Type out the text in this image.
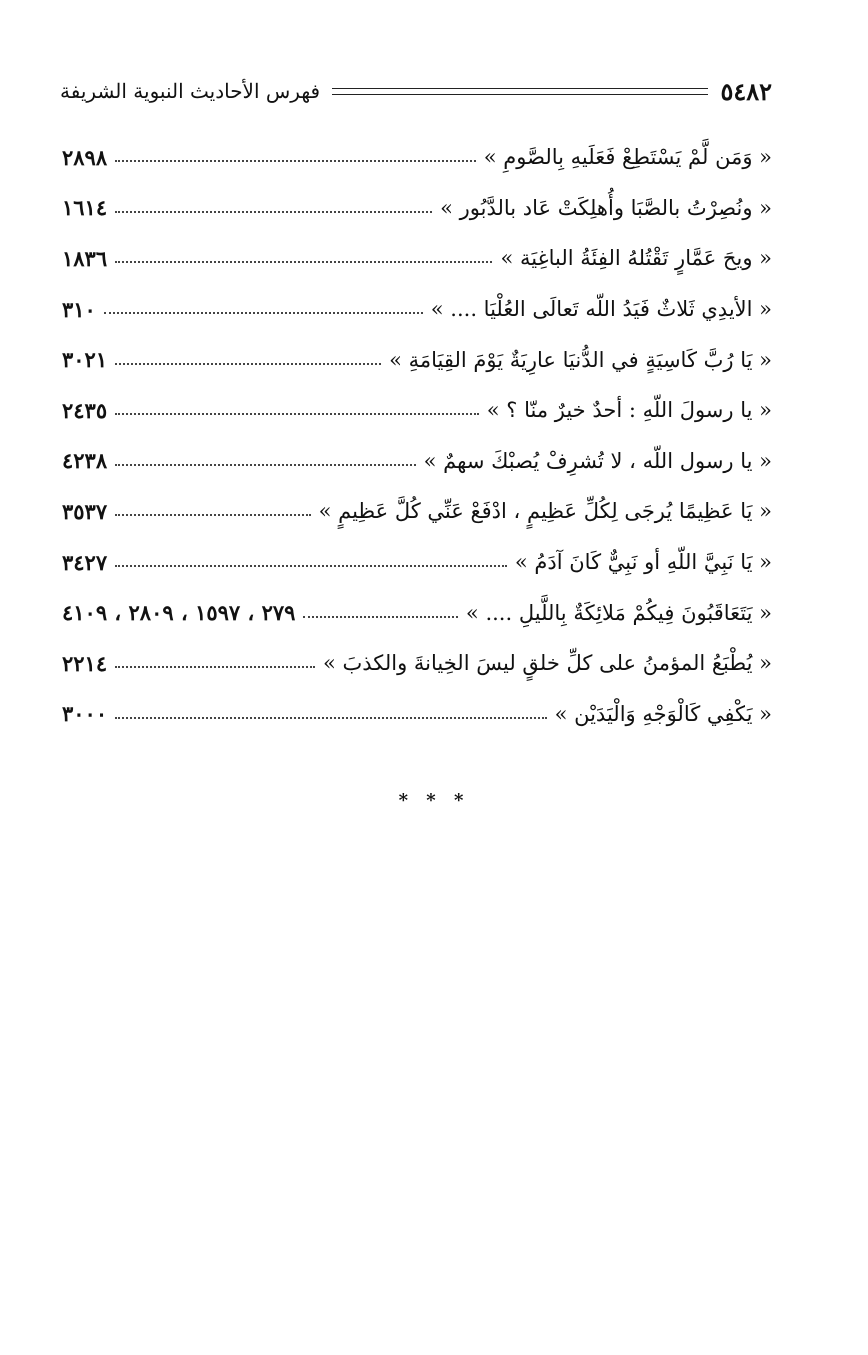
٥٤٨٢
فهرس الأحاديث النبوية الشريفة
« وَمَن لَّمْ يَسْتَطِعْ فَعَلَيهِ بِالصَّومِ »
٢٨٩٨
« ونُصِرْتُ بالصَّبَا وأُهلِكَتْ عَاد بالدَّبُور »
١٦١٤
« ويحَ عَمَّارٍ تَقْتُلهُ الفِئَةُ الباغِيَة »
١٨٣٦
« الأيدِي ثَلاثٌ فَيَدُ اللّه تَعالَى العُلْيَا .... »
٣١٠
« يَا رُبَّ كَاسِيَةٍ في الدُّنيَا عارِيَةٌ يَوْمَ القِيَامَةِ »
٣٠٢١
« يا رسولَ اللّهِ : أحدٌ خيرٌ منّا ؟ »
٢٤٣٥
« يا رسول اللّه ، لا تُشرِفْ يُصبْكَ سهمٌ »
٤٢٣٨
« يَا عَظِيمًا يُرجَى لِكُلِّ عَظِيمٍ ، ادْفَعْ عَنِّي كُلَّ عَظِيمٍ »
٣٥٣٧
« يَا نَبِيَّ اللّهِ أو نَبِيٌّ كَانَ آدَمُ »
٣٤٢٧
« يَتَعَاقَبُونَ فِيكُمْ مَلائِكَةٌ بِاللَّيلِ .... »
٢٧٩ ، ١٥٩٧ ، ٢٨٠٩ ، ٤١٠٩
« يُطْبَعُ المؤمنُ على كلِّ خلقٍ ليسَ الخِيانةَ والكذبَ »
٢٢١٤
« يَكْفِي كَالْوَجْهِ وَالْيَدَيْن »
٣٠٠٠
* * *
